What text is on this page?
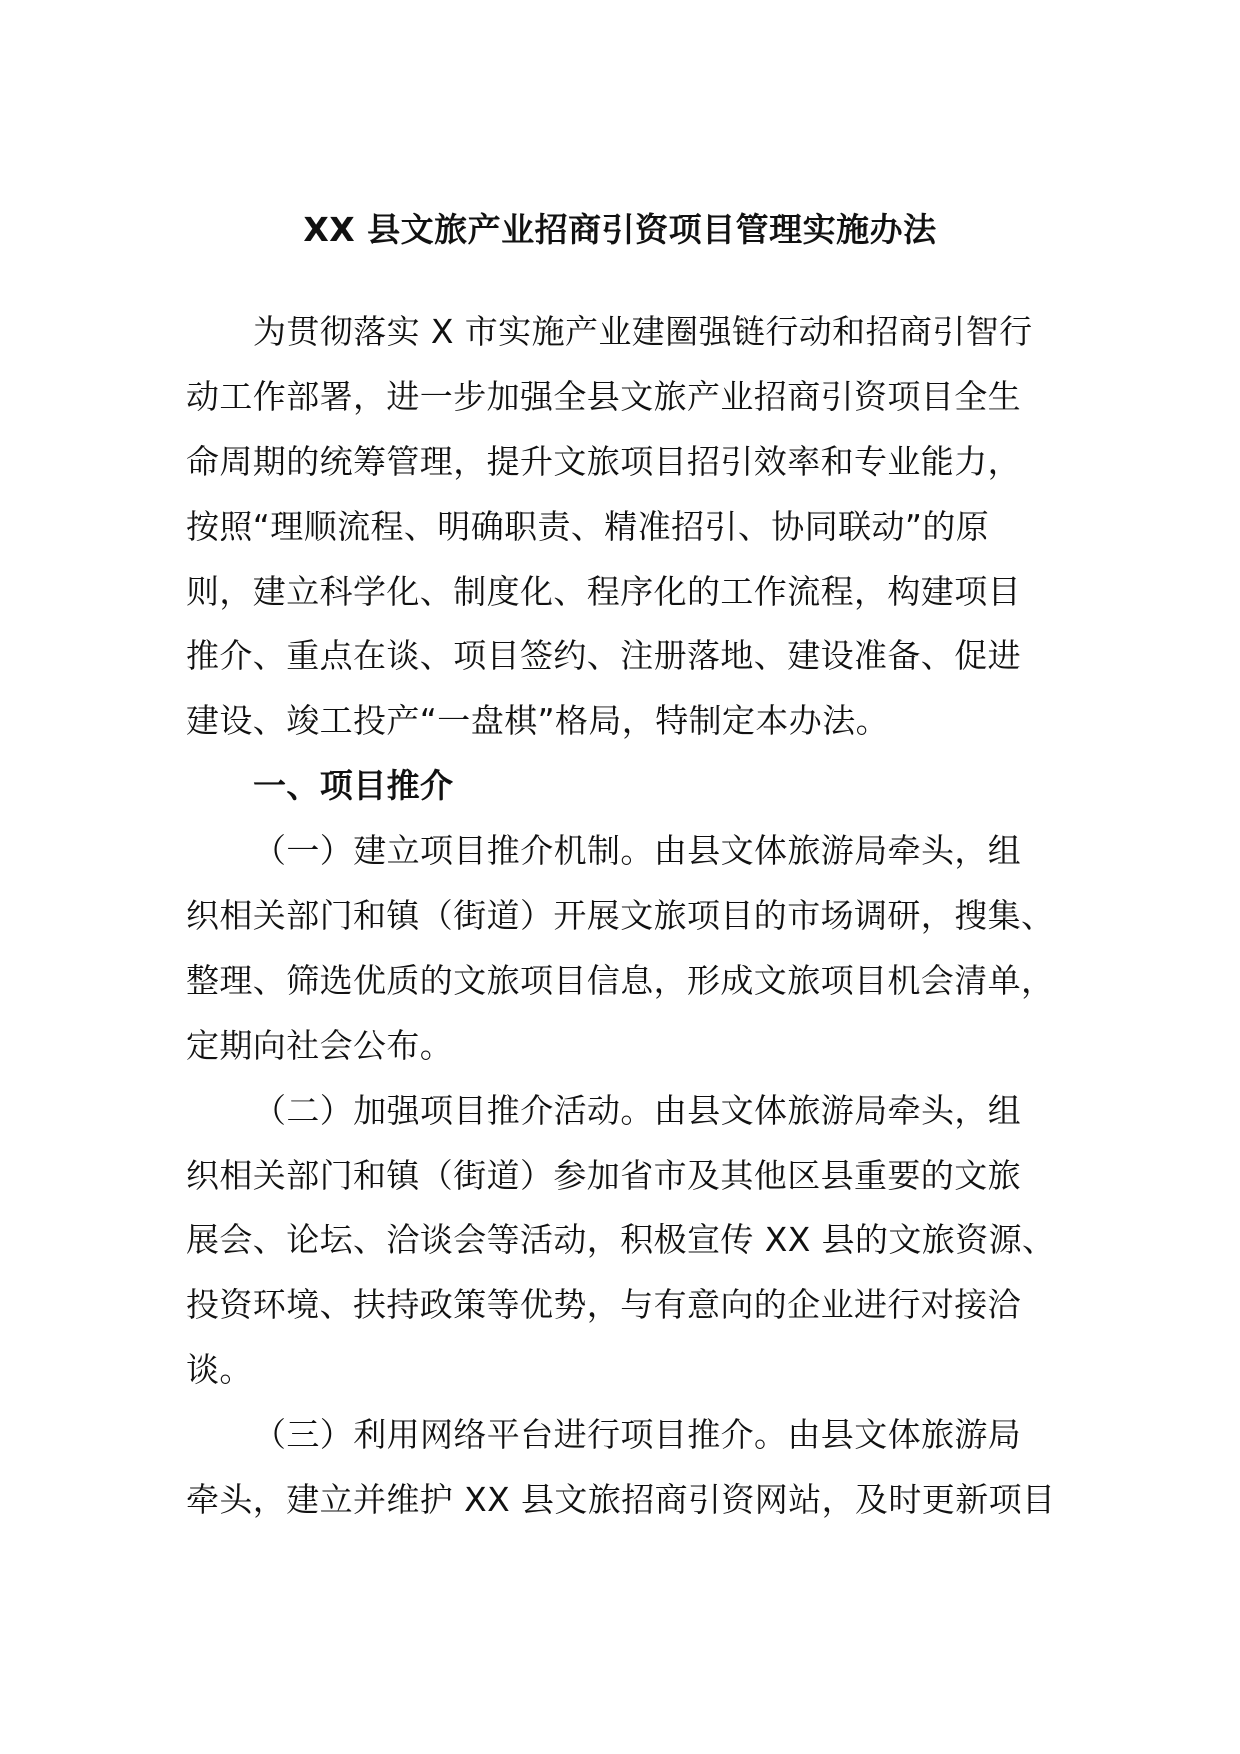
XX 县文旅产业招商引资项目管理实施办法
为贯彻落实 X 市实施产业建圈强链行动和招商引智行
动工作部署，进一步加强全县文旅产业招商引资项目全生
命周期的统筹管理，提升文旅项目招引效率和专业能力，
按照“理顺流程、明确职责、精准招引、协同联动”的原
则，建立科学化、制度化、程序化的工作流程，构建项目
推介、重点在谈、项目签约、注册落地、建设准备、促进
建设、竣工投产“一盘棋”格局，特制定本办法。
一、项目推介
（一）建立项目推介机制。由县文体旅游局牵头，组
织相关部门和镇（街道）开展文旅项目的市场调研，搜集、
整理、筛选优质的文旅项目信息，形成文旅项目机会清单，
定期向社会公布。
（二）加强项目推介活动。由县文体旅游局牵头，组
织相关部门和镇（街道）参加省市及其他区县重要的文旅
展会、论坛、洽谈会等活动，积极宣传 XX 县的文旅资源、
投资环境、扶持政策等优势，与有意向的企业进行对接洽
谈。
（三）利用网络平台进行项目推介。由县文体旅游局
牵头，建立并维护 XX 县文旅招商引资网站，及时更新项目
